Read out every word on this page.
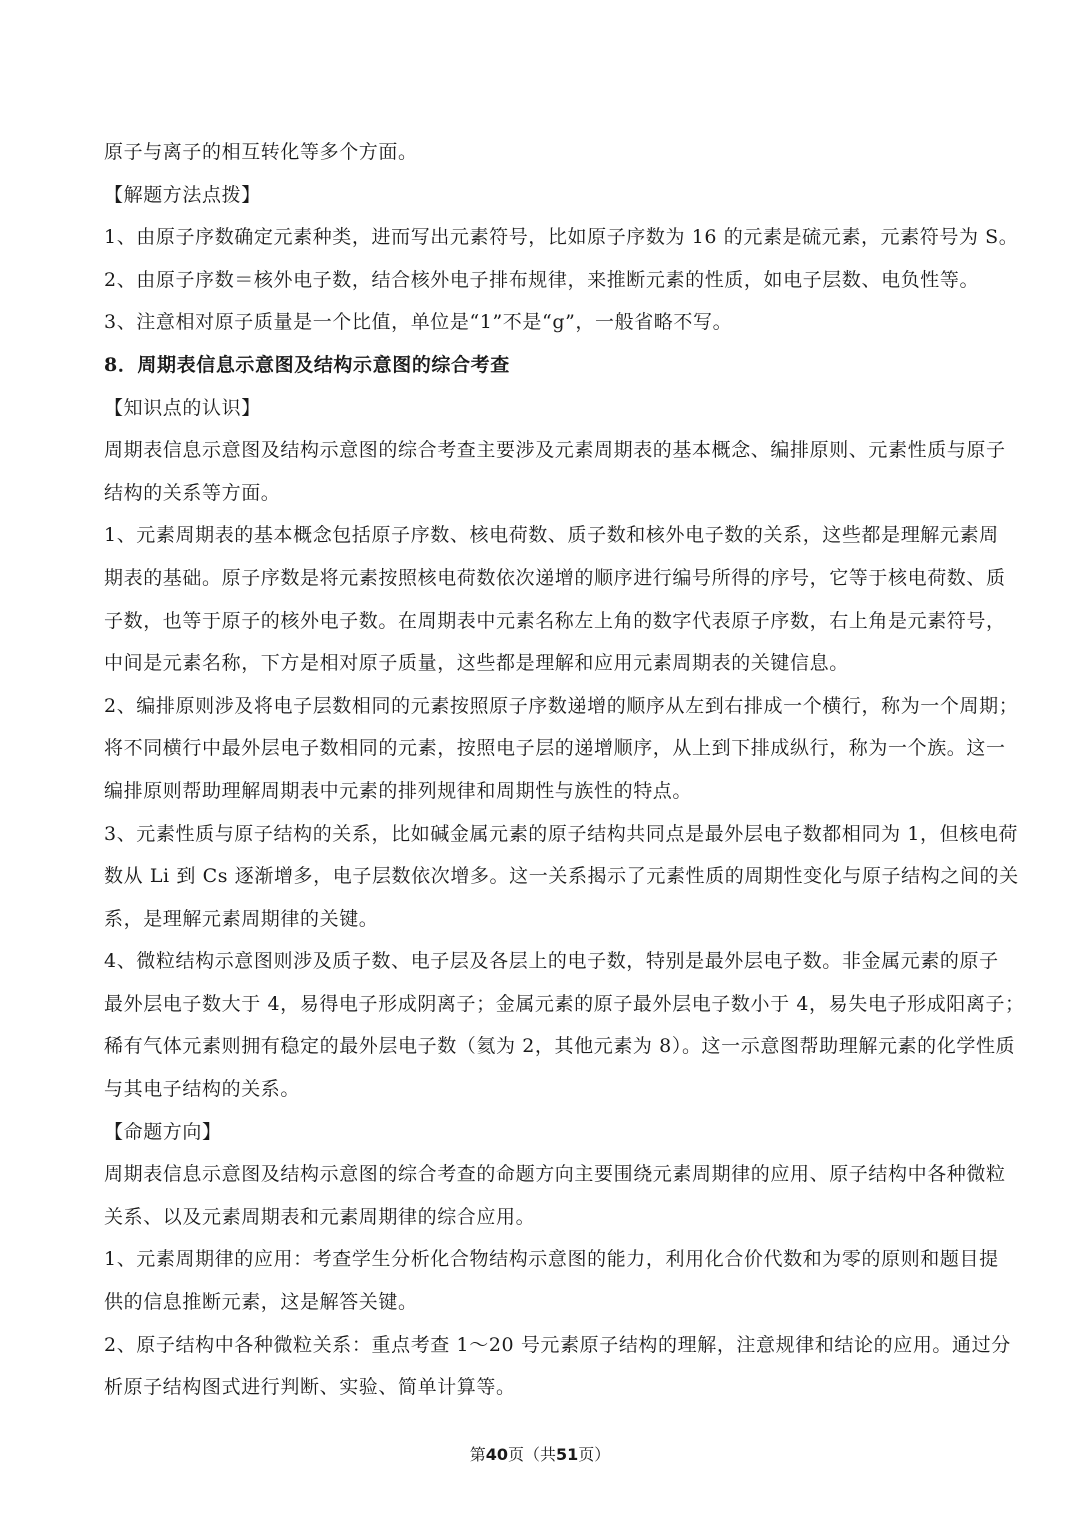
原子与离子的相互转化等多个方面。
【解题方法点拨】
1、由原子序数确定元素种类，进而写出元素符号，比如原子序数为 16 的元素是硫元素，元素符号为 S。
2、由原子序数＝核外电子数，结合核外电子排布规律，来推断元素的性质，如电子层数、电负性等。
3、注意相对原子质量是一个比值，单位是“1”不是“g”，一般省略不写。
8．周期表信息示意图及结构示意图的综合考查
【知识点的认识】
周期表信息示意图及结构示意图的综合考查主要涉及元素周期表的基本概念、编排原则、元素性质与原子
结构的关系等方面。
1、元素周期表的基本概念包括原子序数、核电荷数、质子数和核外电子数的关系，这些都是理解元素周
期表的基础。原子序数是将元素按照核电荷数依次递增的顺序进行编号所得的序号，它等于核电荷数、质
子数，也等于原子的核外电子数。在周期表中元素名称左上角的数字代表原子序数，右上角是元素符号，
中间是元素名称，下方是相对原子质量，这些都是理解和应用元素周期表的关键信息。
2、编排原则涉及将电子层数相同的元素按照原子序数递增的顺序从左到右排成一个横行，称为一个周期；
将不同横行中最外层电子数相同的元素，按照电子层的递增顺序，从上到下排成纵行，称为一个族。这一
编排原则帮助理解周期表中元素的排列规律和周期性与族性的特点。
3、元素性质与原子结构的关系，比如碱金属元素的原子结构共同点是最外层电子数都相同为 1，但核电荷
数从 Li 到 Cs 逐渐增多，电子层数依次增多。这一关系揭示了元素性质的周期性变化与原子结构之间的关
系，是理解元素周期律的关键。
4、微粒结构示意图则涉及质子数、电子层及各层上的电子数，特别是最外层电子数。非金属元素的原子
最外层电子数大于 4，易得电子形成阴离子；金属元素的原子最外层电子数小于 4，易失电子形成阳离子；
稀有气体元素则拥有稳定的最外层电子数（氦为 2，其他元素为 8）。这一示意图帮助理解元素的化学性质
与其电子结构的关系。
【命题方向】
周期表信息示意图及结构示意图的综合考查的命题方向主要围绕元素周期律的应用、原子结构中各种微粒
关系、以及元素周期表和元素周期律的综合应用。
1、元素周期律的应用：考查学生分析化合物结构示意图的能力，利用化合价代数和为零的原则和题目提
供的信息推断元素，这是解答关键。
2、原子结构中各种微粒关系：重点考查 1～20 号元素原子结构的理解，注意规律和结论的应用。通过分
析原子结构图式进行判断、实验、简单计算等。
第40页（共51页）
